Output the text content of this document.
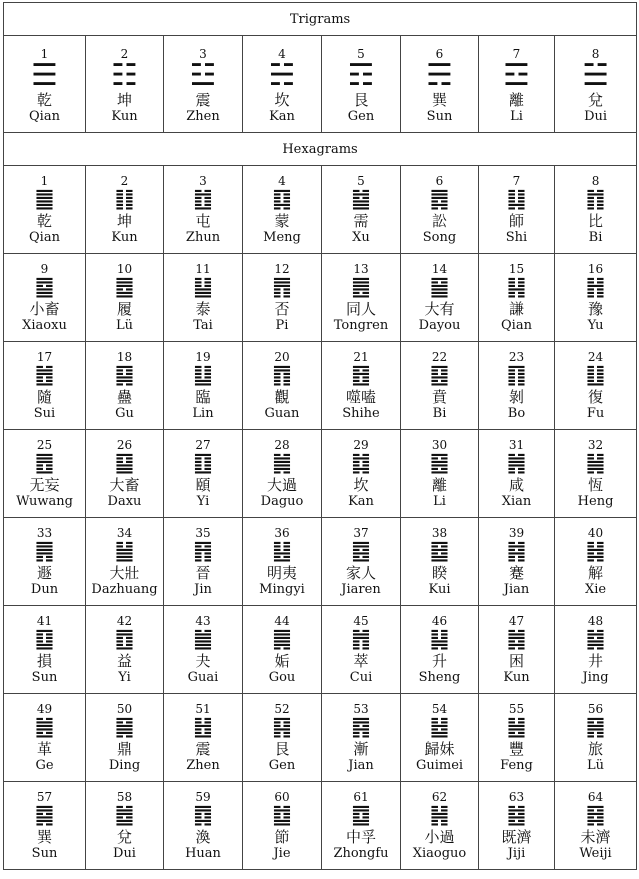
Trigrams							

1
☰
乾
Qian	2
☷
坤
Kun	3
☳
震
Zhen	4
☵
坎
Kan	5
☶
艮
Gen	6
☴
巽
Sun	7
☲
離
Li	8
☱
兌
Dui

Hexagrams							

1
䷀
乾
Qian	2
䷁
坤
Kun	3
䷂
屯
Zhun	4
䷃
蒙
Meng	5
䷄
需
Xu	6
䷅
訟
Song	7
䷆
師
Shi	8
䷇
比
Bi

9
䷈
小畜
Xiaoxu	10
䷉
履
Lü	11
䷊
泰
Tai	12
䷋
否
Pi	13
䷌
同人
Tongren	14
䷍
大有
Dayou	15
䷎
謙
Qian	16
䷏
豫
Yu

17
䷐
隨
Sui	18
䷑
蠱
Gu	19
䷒
臨
Lin	20
䷓
觀
Guan	21
䷔
噬嗑
Shihe	22
䷕
賁
Bi	23
䷖
剝
Bo	24
䷗
復
Fu

25
䷘
无妄
Wuwang	26
䷙
大畜
Daxu	27
䷚
頤
Yi	28
䷛
大過
Daguo	29
䷜
坎
Kan	30
䷝
離
Li	31
䷞
咸
Xian	32
䷟
恆
Heng

33
䷠
遯
Dun	34
䷡
大壯
Dazhuang	35
䷢
晉
Jin	36
䷣
明夷
Mingyi	37
䷤
家人
Jiaren	38
䷥
睽
Kui	39
䷦
蹇
Jian	40
䷧
解
Xie

41
䷨
損
Sun	42
䷩
益
Yi	43
䷪
夬
Guai	44
䷫
姤
Gou	45
䷬
萃
Cui	46
䷭
升
Sheng	47
䷮
困
Kun	48
䷯
井
Jing

49
䷰
革
Ge	50
䷱
鼎
Ding	51
䷲
震
Zhen	52
䷳
艮
Gen	53
䷴
漸
Jian	54
䷵
歸妹
Guimei	55
䷶
豐
Feng	56
䷷
旅
Lü

57
䷸
巽
Sun	58
䷹
兌
Dui	59
䷺
渙
Huan	60
䷻
節
Jie	61
䷼
中孚
Zhongfu	62
䷽
小過
Xiaoguo	63
䷾
既濟
Jiji	64
䷿
未濟
Weiji
